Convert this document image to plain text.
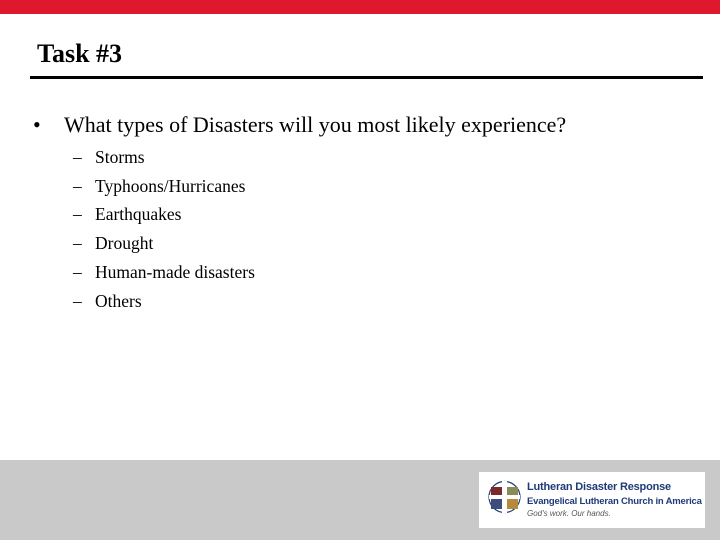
Task #3
• What types of Disasters will you most likely experience?
– Storms
– Typhoons/Hurricanes
– Earthquakes
– Drought
– Human-made disasters
– Others
Lutheran Disaster Response
Evangelical Lutheran Church in America
God's work. Our hands.
